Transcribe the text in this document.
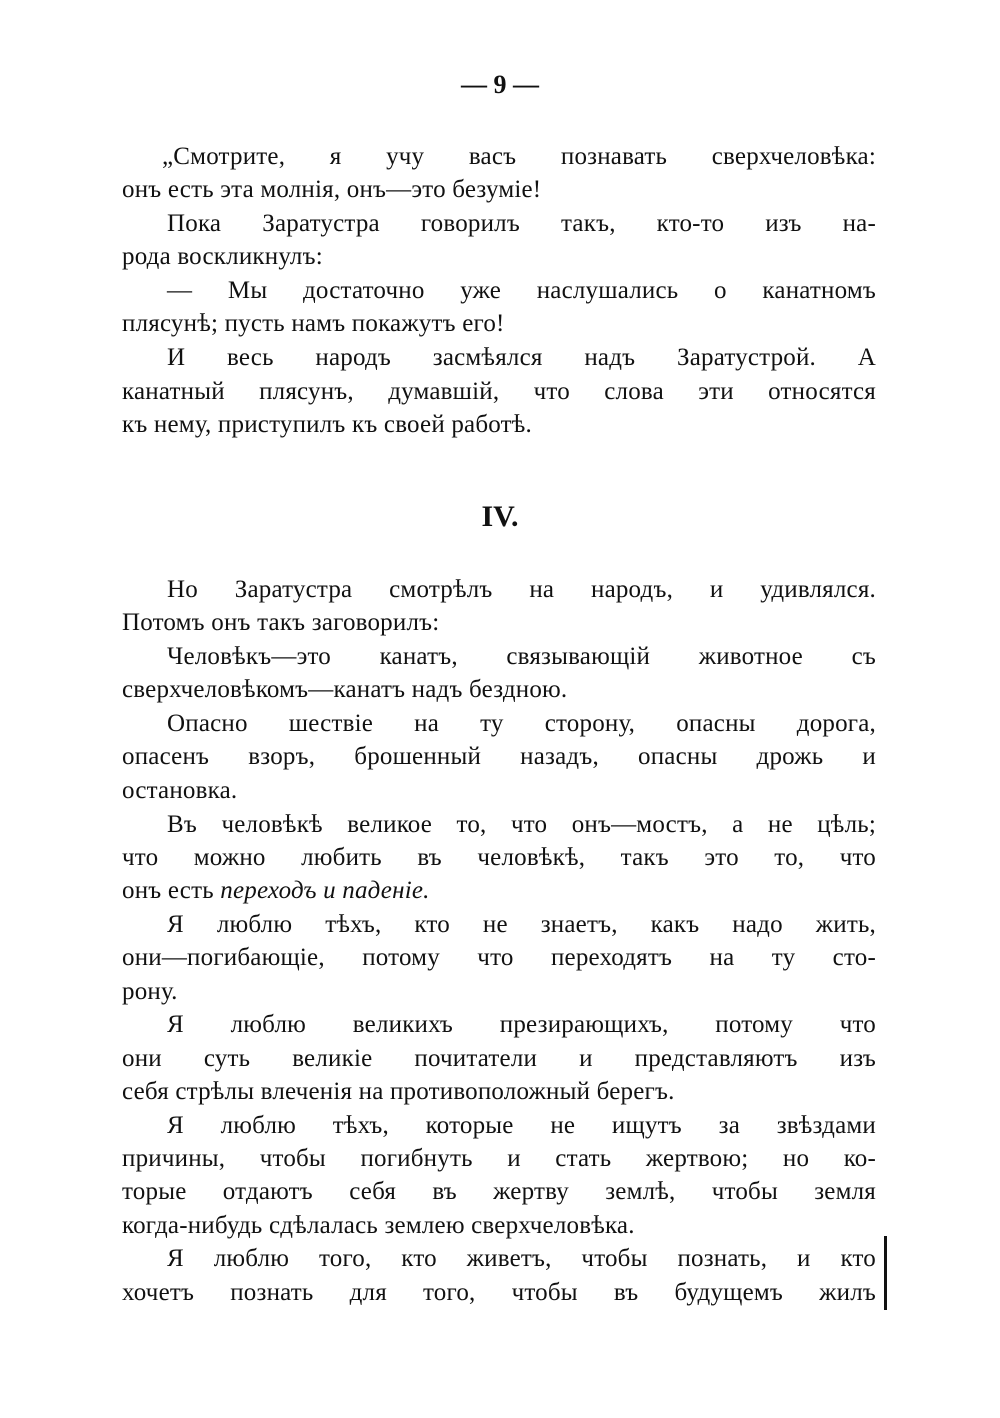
— 9 —
„Смотрите, я учу васъ познавать сверхчеловѣка:
онъ есть эта молнія, онъ—это безуміе!
Пока Заратустра говорилъ такъ, кто-то изъ на-
рода воскликнулъ:
— Мы достаточно уже наслушались о канатномъ
плясунѣ; пусть намъ покажутъ его!
И весь народъ засмѣялся надъ Заратустрой. А
канатный плясунъ, думавшій, что слова эти относятся
къ нему, приступилъ къ своей работѣ.
IV.
Но Заратустра смотрѣлъ на народъ, и удивлялся.
Потомъ онъ такъ заговорилъ:
Человѣкъ—это канатъ, связывающій животное съ
сверхчеловѣкомъ—канатъ надъ бездною.
Опасно шествіе на ту сторону, опасны дорога,
опасенъ взоръ, брошенный назадъ, опасны дрожь и
остановка.
Въ человѣкѣ великое то, что онъ—мостъ, а не цѣль;
что можно любить въ человѣкѣ, такъ это то, что
онъ есть переходъ и паденіе.
Я люблю тѣхъ, кто не знаетъ, какъ надо жить,
они—погибающіе, потому что переходятъ на ту сто-
рону.
Я люблю великихъ презирающихъ, потому что
они суть великіе почитатели и представляютъ изъ
себя стрѣлы влеченія на противоположный берегъ.
Я люблю тѣхъ, которые не ищутъ за звѣздами
причины, чтобы погибнуть и стать жертвою; но ко-
торые отдаютъ себя въ жертву землѣ, чтобы земля
когда-нибудь сдѣлалась землею сверхчеловѣка.
Я люблю того, кто живетъ, чтобы познать, и кто
хочетъ познать для того, чтобы въ будущемъ жилъ
